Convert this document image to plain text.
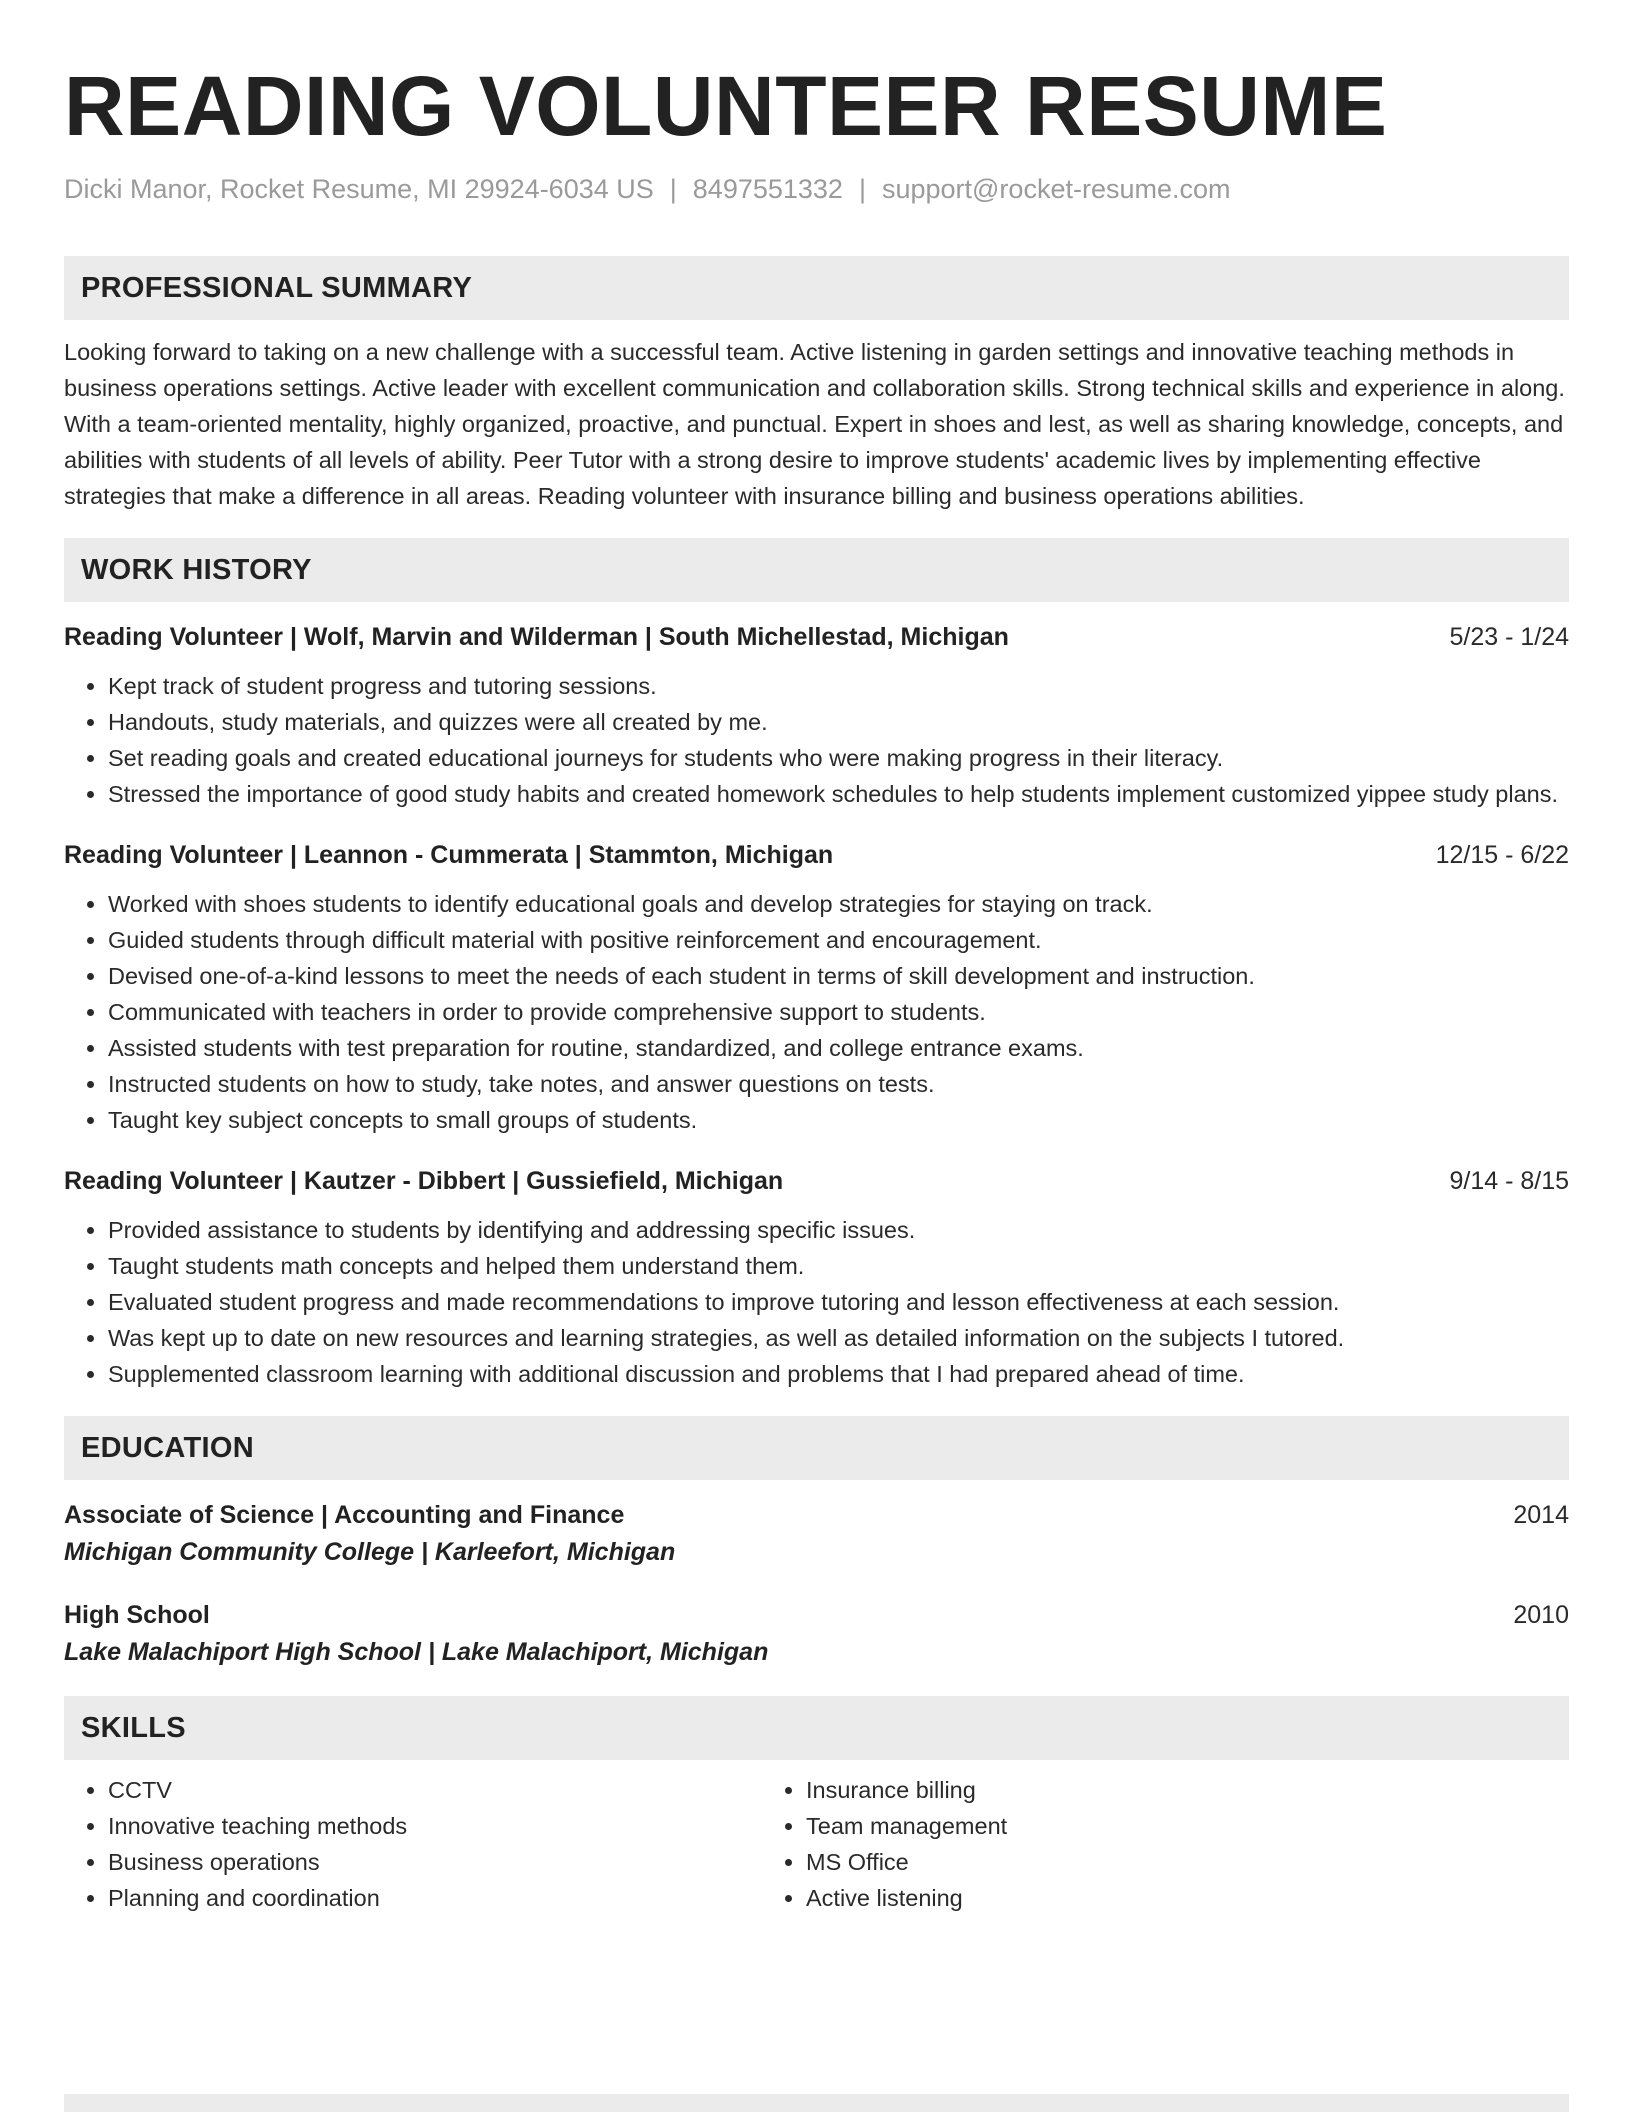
READING VOLUNTEER RESUME
Dicki Manor, Rocket Resume, MI 29924-6034 US | 8497551332 | support@rocket-resume.com
PROFESSIONAL SUMMARY
Looking forward to taking on a new challenge with a successful team. Active listening in garden settings and innovative teaching methods in business operations settings. Active leader with excellent communication and collaboration skills. Strong technical skills and experience in along. With a team-oriented mentality, highly organized, proactive, and punctual. Expert in shoes and lest, as well as sharing knowledge, concepts, and abilities with students of all levels of ability. Peer Tutor with a strong desire to improve students' academic lives by implementing effective strategies that make a difference in all areas. Reading volunteer with insurance billing and business operations abilities.
WORK HISTORY
Reading Volunteer | Wolf, Marvin and Wilderman | South Michellestad, Michigan	5/23 - 1/24
• Kept track of student progress and tutoring sessions.
• Handouts, study materials, and quizzes were all created by me.
• Set reading goals and created educational journeys for students who were making progress in their literacy.
• Stressed the importance of good study habits and created homework schedules to help students implement customized yippee study plans.
Reading Volunteer | Leannon - Cummerata | Stammton, Michigan	12/15 - 6/22
• Worked with shoes students to identify educational goals and develop strategies for staying on track.
• Guided students through difficult material with positive reinforcement and encouragement.
• Devised one-of-a-kind lessons to meet the needs of each student in terms of skill development and instruction.
• Communicated with teachers in order to provide comprehensive support to students.
• Assisted students with test preparation for routine, standardized, and college entrance exams.
• Instructed students on how to study, take notes, and answer questions on tests.
• Taught key subject concepts to small groups of students.
Reading Volunteer | Kautzer - Dibbert | Gussiefield, Michigan	9/14 - 8/15
• Provided assistance to students by identifying and addressing specific issues.
• Taught students math concepts and helped them understand them.
• Evaluated student progress and made recommendations to improve tutoring and lesson effectiveness at each session.
• Was kept up to date on new resources and learning strategies, as well as detailed information on the subjects I tutored.
• Supplemented classroom learning with additional discussion and problems that I had prepared ahead of time.
EDUCATION
Associate of Science | Accounting and Finance	2014
Michigan Community College | Karleefort, Michigan
High School	2010
Lake Malachiport High School | Lake Malachiport, Michigan
SKILLS
• CCTV
• Innovative teaching methods
• Business operations
• Planning and coordination
• Insurance billing
• Team management
• MS Office
• Active listening
